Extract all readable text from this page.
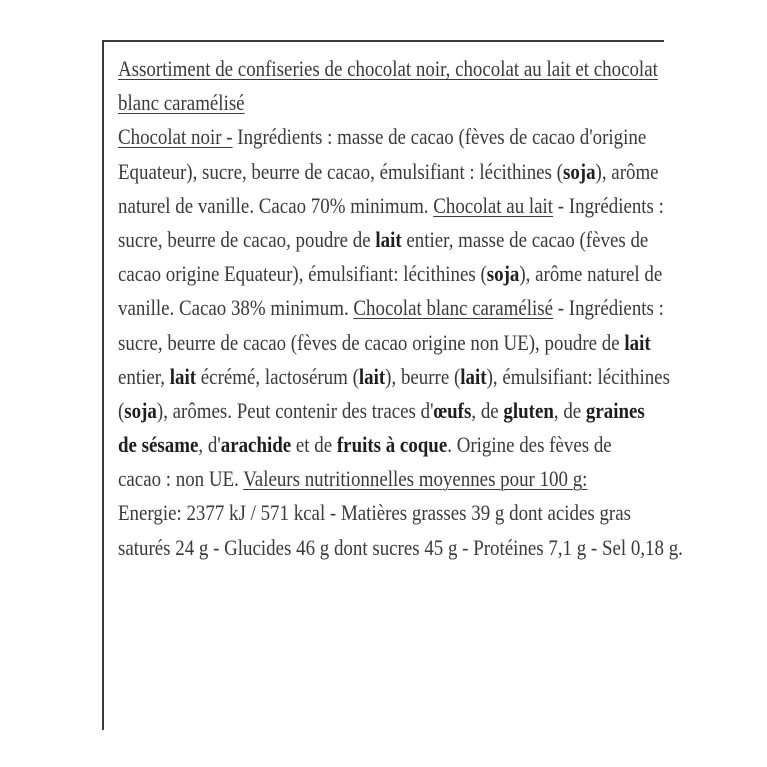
Assortiment de confiseries de chocolat noir, chocolat au lait et chocolat
blanc caramélisé
Chocolat noir - Ingrédients : masse de cacao (fèves de cacao d'origine
Equateur), sucre, beurre de cacao, émulsifiant : lécithines (soja), arôme
naturel de vanille. Cacao 70% minimum. Chocolat au lait - Ingrédients :
sucre, beurre de cacao, poudre de lait entier, masse de cacao (fèves de
cacao origine Equateur), émulsifiant: lécithines (soja), arôme naturel de
vanille. Cacao 38% minimum. Chocolat blanc caramélisé - Ingrédients :
sucre, beurre de cacao (fèves de cacao origine non UE), poudre de lait
entier, lait écrémé, lactosérum (lait), beurre (lait), émulsifiant: lécithines
(soja), arômes. Peut contenir des traces d'œufs, de gluten, de graines
de sésame, d'arachide et de fruits à coque. Origine des fèves de
cacao : non UE. Valeurs nutritionnelles moyennes pour 100 g:
Energie: 2377 kJ / 571 kcal - Matières grasses 39 g dont acides gras
saturés 24 g - Glucides 46 g dont sucres 45 g - Protéines 7,1 g - Sel 0,18 g.
